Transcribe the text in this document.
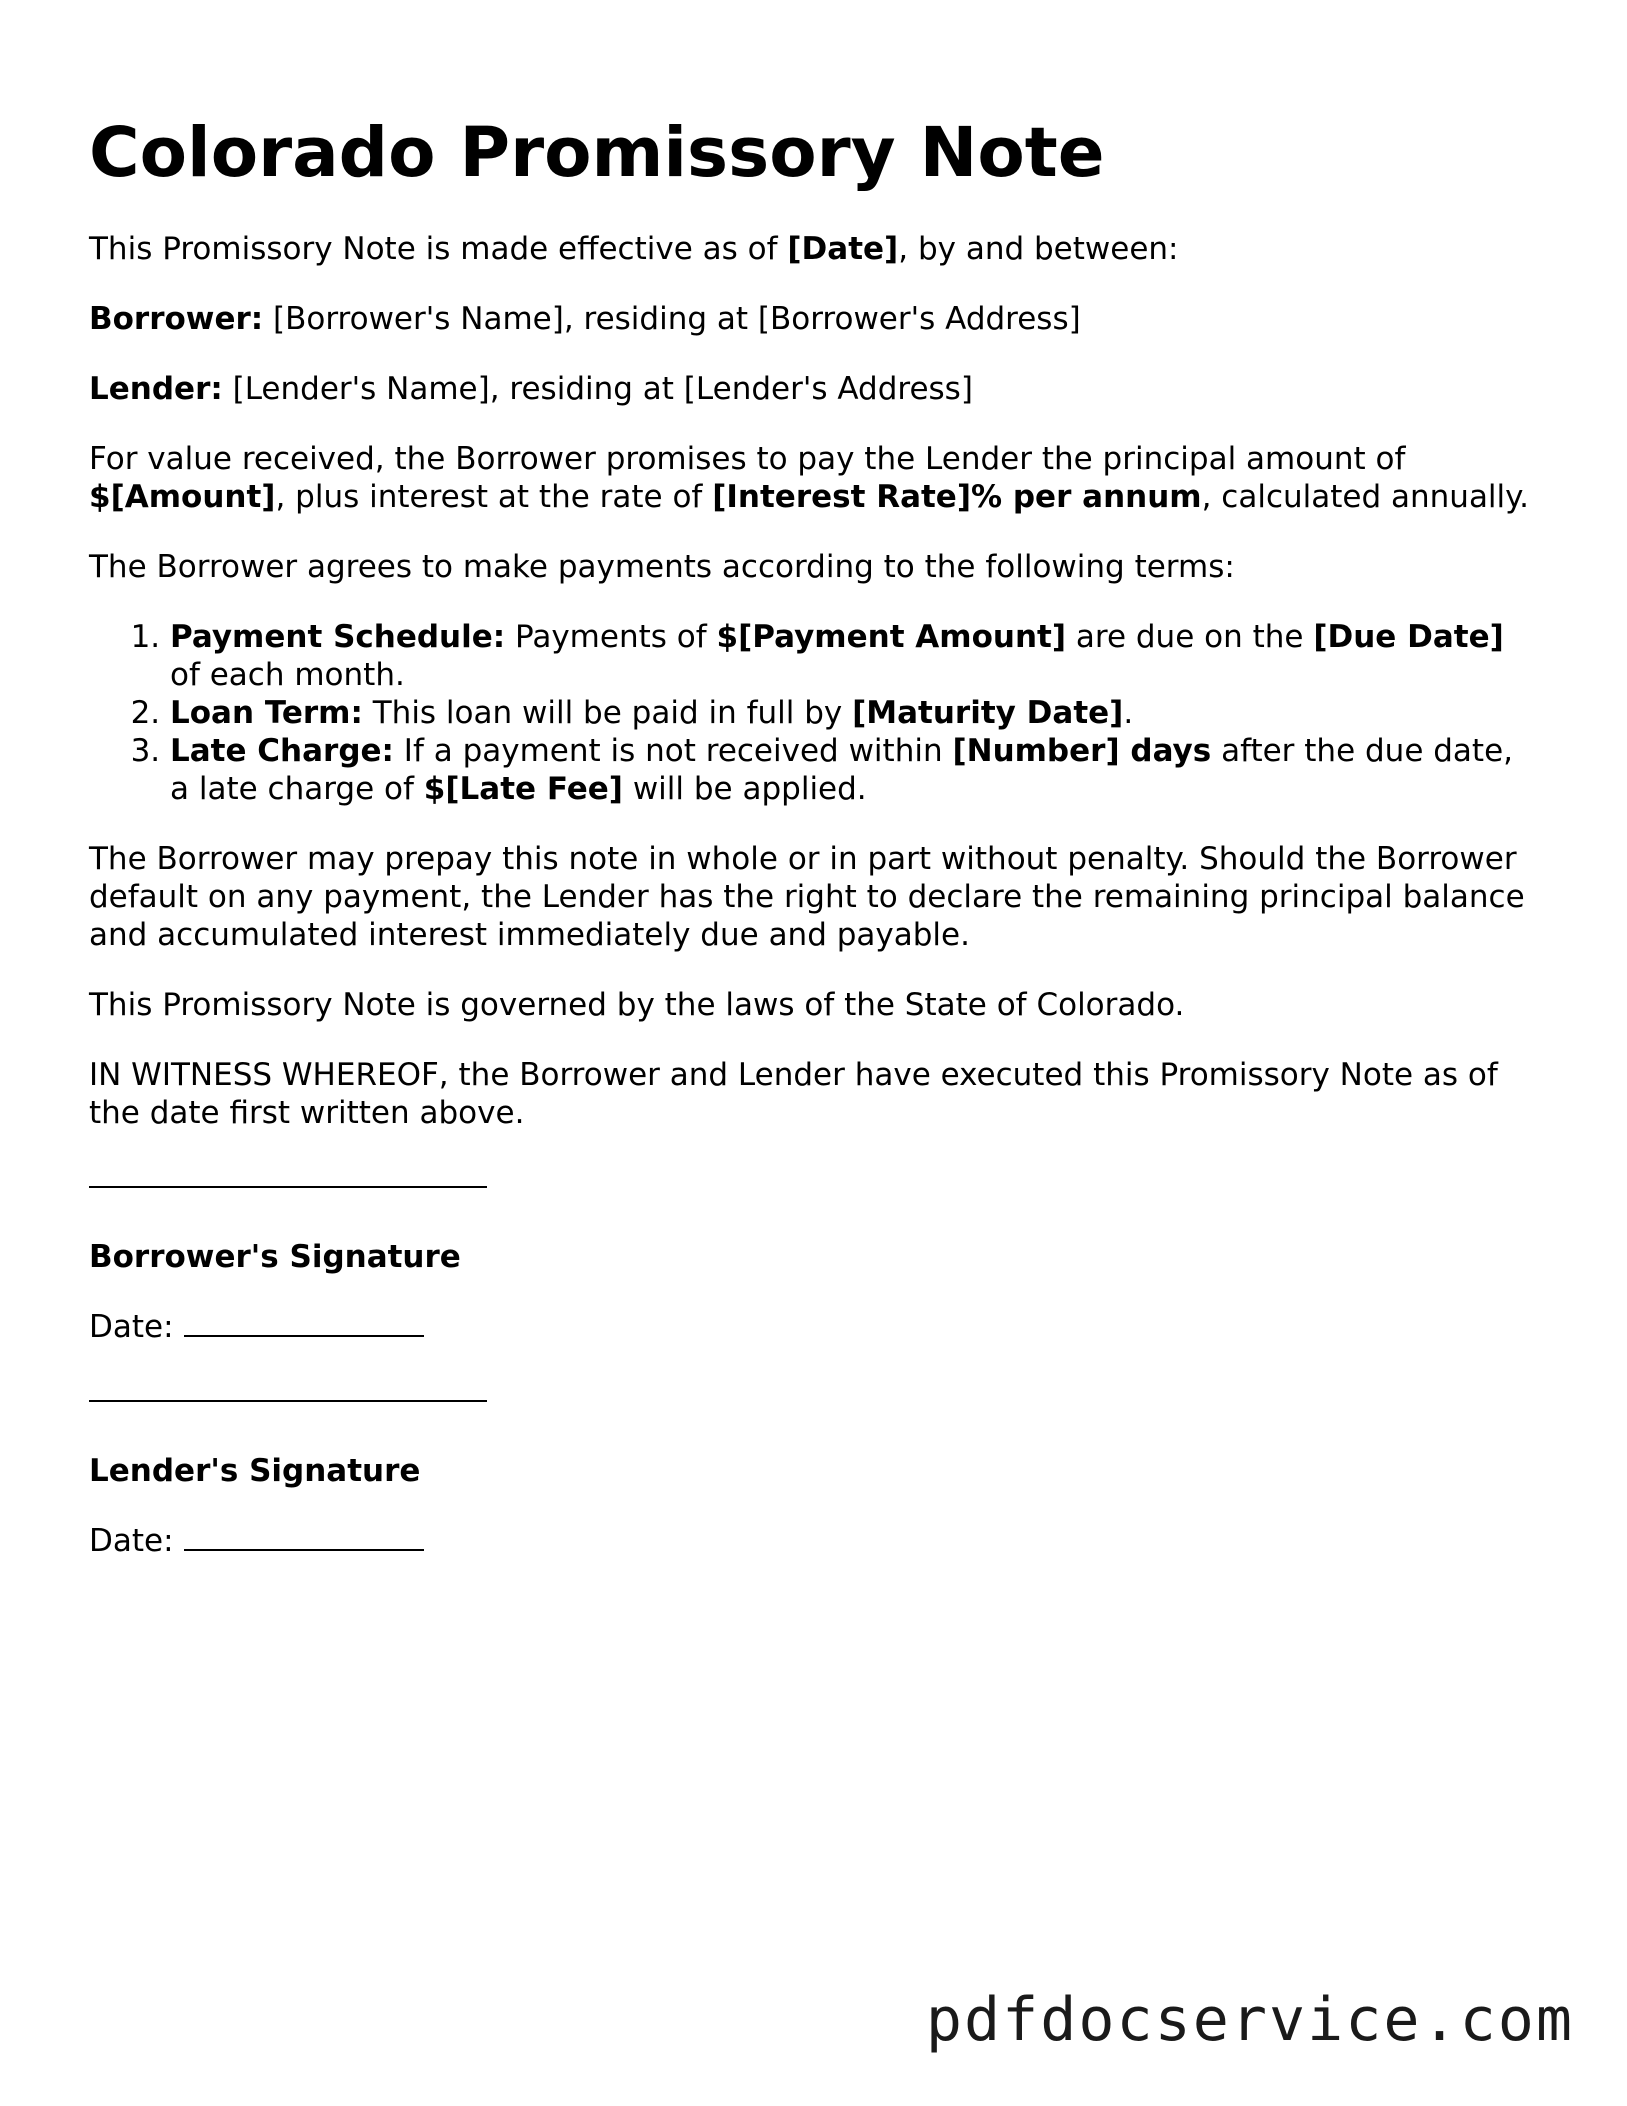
Colorado Promissory Note

This Promissory Note is made effective as of [Date], by and between:

Borrower: [Borrower's Name], residing at [Borrower's Address]

Lender: [Lender's Name], residing at [Lender's Address]

For value received, the Borrower promises to pay the Lender the principal amount of $[Amount], plus interest at the rate of [Interest Rate]% per annum, calculated annually.

The Borrower agrees to make payments according to the following terms:

1. Payment Schedule: Payments of $[Payment Amount] are due on the [Due Date] of each month.
2. Loan Term: This loan will be paid in full by [Maturity Date].
3. Late Charge: If a payment is not received within [Number] days after the due date, a late charge of $[Late Fee] will be applied.

The Borrower may prepay this note in whole or in part without penalty. Should the Borrower default on any payment, the Lender has the right to declare the remaining principal balance and accumulated interest immediately due and payable.

This Promissory Note is governed by the laws of the State of Colorado.

IN WITNESS WHEREOF, the Borrower and Lender have executed this Promissory Note as of the date first written above.

Borrower's Signature

Date:

Lender's Signature

Date:

pdfdocservice.com
